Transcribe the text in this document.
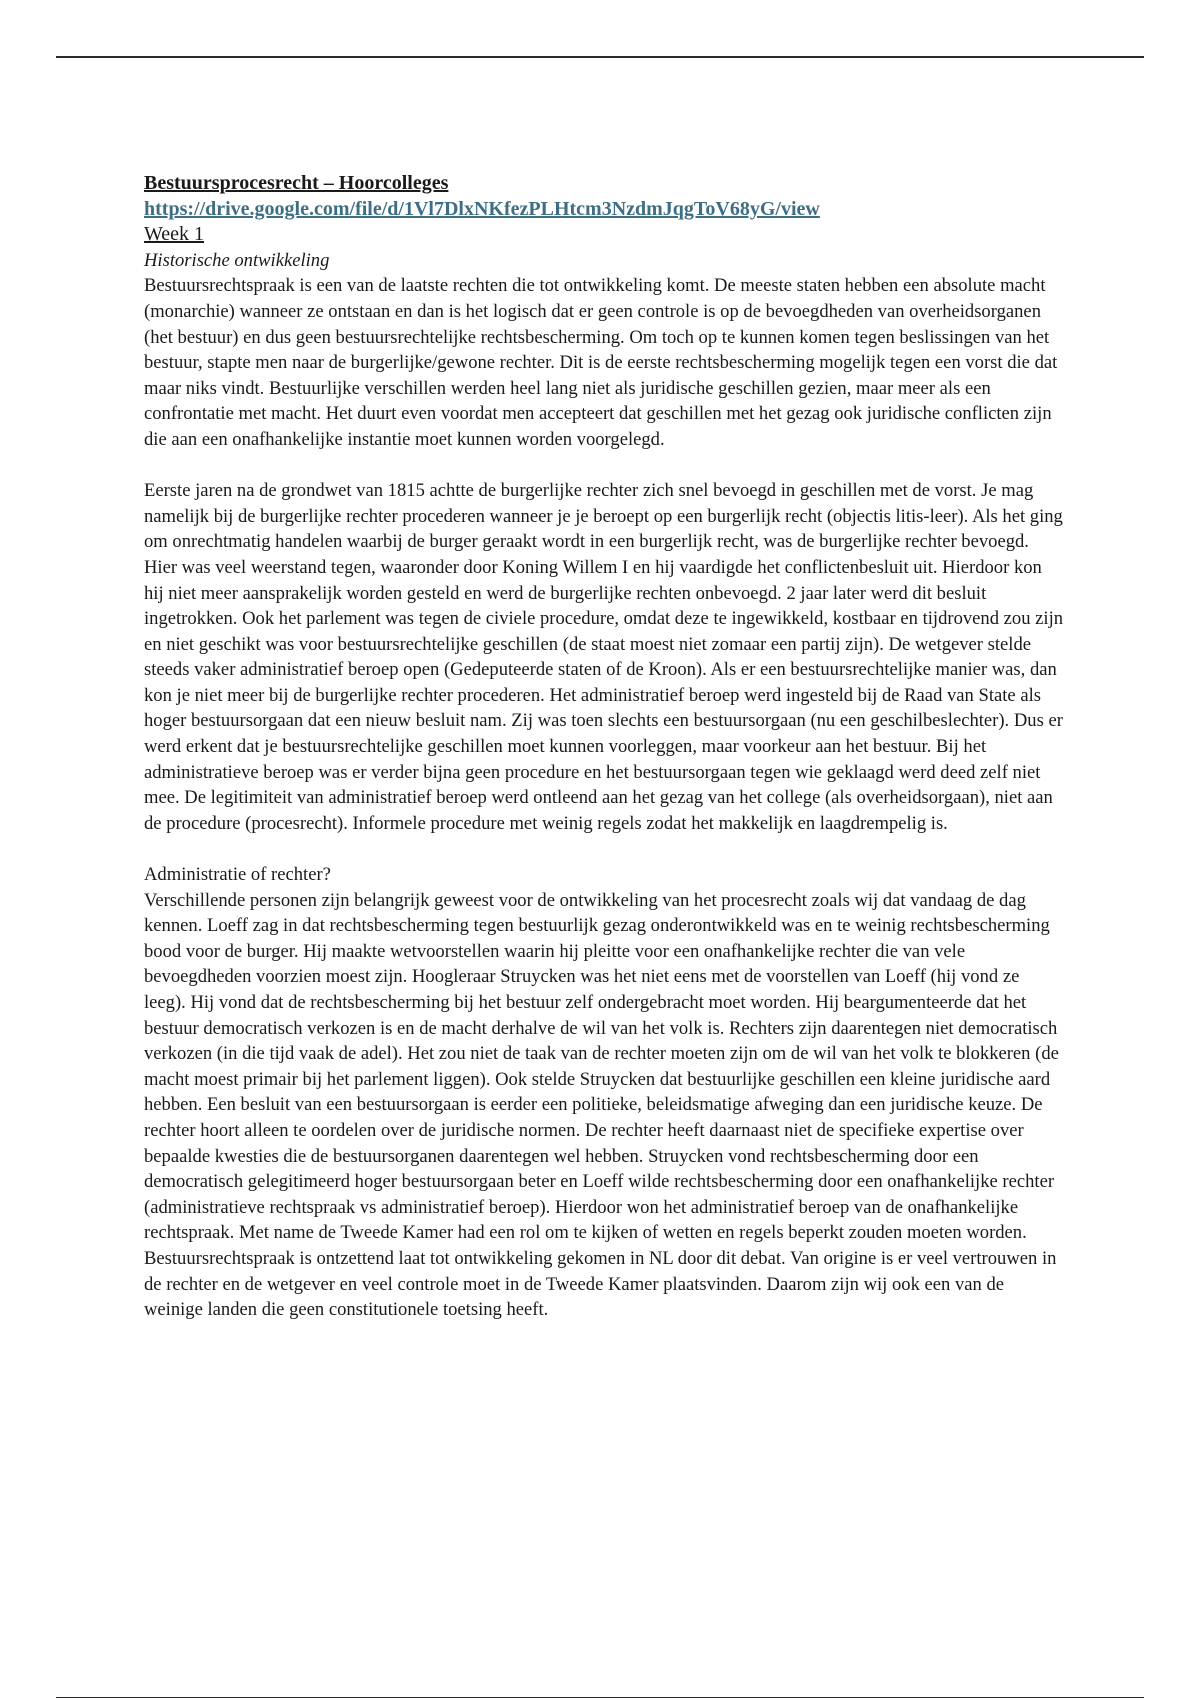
Bestuursprocesrecht – Hoorcolleges
https://drive.google.com/file/d/1Vl7DlxNKfezPLHtcm3NzdmJqgToV68yG/view
Week 1
Historische ontwikkeling

Bestuursrechtspraak is een van de laatste rechten die tot ontwikkeling komt. De meeste staten hebben een absolute macht (monarchie) wanneer ze ontstaan en dan is het logisch dat er geen controle is op de bevoegdheden van overheidsorganen (het bestuur) en dus geen bestuursrechtelijke rechtsbescherming. Om toch op te kunnen komen tegen beslissingen van het bestuur, stapte men naar de burgerlijke/gewone rechter. Dit is de eerste rechtsbescherming mogelijk tegen een vorst die dat maar niks vindt. Bestuurlijke verschillen werden heel lang niet als juridische geschillen gezien, maar meer als een confrontatie met macht. Het duurt even voordat men accepteert dat geschillen met het gezag ook juridische conflicten zijn die aan een onafhankelijke instantie moet kunnen worden voorgelegd.

Eerste jaren na de grondwet van 1815 achtte de burgerlijke rechter zich snel bevoegd in geschillen met de vorst. Je mag namelijk bij de burgerlijke rechter procederen wanneer je je beroept op een burgerlijk recht (objectis litis-leer). Als het ging om onrechtmatig handelen waarbij de burger geraakt wordt in een burgerlijk recht, was de burgerlijke rechter bevoegd. Hier was veel weerstand tegen, waaronder door Koning Willem I en hij vaardigde het conflictenbesluit uit. Hierdoor kon hij niet meer aansprakelijk worden gesteld en werd de burgerlijke rechten onbevoegd. 2 jaar later werd dit besluit ingetrokken. Ook het parlement was tegen de civiele procedure, omdat deze te ingewikkeld, kostbaar en tijdrovend zou zijn en niet geschikt was voor bestuursrechtelijke geschillen (de staat moest niet zomaar een partij zijn). De wetgever stelde steeds vaker administratief beroep open (Gedeputeerde staten of de Kroon). Als er een bestuursrechtelijke manier was, dan kon je niet meer bij de burgerlijke rechter procederen. Het administratief beroep werd ingesteld bij de Raad van State als hoger bestuursorgaan dat een nieuw besluit nam. Zij was toen slechts een bestuursorgaan (nu een geschilbeslechter). Dus er werd erkent dat je bestuursrechtelijke geschillen moet kunnen voorleggen, maar voorkeur aan het bestuur. Bij het administratieve beroep was er verder bijna geen procedure en het bestuursorgaan tegen wie geklaagd werd deed zelf niet mee. De legitimiteit van administratief beroep werd ontleend aan het gezag van het college (als overheidsorgaan), niet aan de procedure (procesrecht). Informele procedure met weinig regels zodat het makkelijk en laagdrempelig is.

Administratie of rechter?

Verschillende personen zijn belangrijk geweest voor de ontwikkeling van het procesrecht zoals wij dat vandaag de dag kennen. Loeff zag in dat rechtsbescherming tegen bestuurlijk gezag onderontwikkeld was en te weinig rechtsbescherming bood voor de burger. Hij maakte wetvoorstellen waarin hij pleitte voor een onafhankelijke rechter die van vele bevoegdheden voorzien moest zijn. Hoogleraar Struycken was het niet eens met de voorstellen van Loeff (hij vond ze leeg). Hij vond dat de rechtsbescherming bij het bestuur zelf ondergebracht moet worden. Hij beargumenteerde dat het bestuur democratisch verkozen is en de macht derhalve de wil van het volk is. Rechters zijn daarentegen niet democratisch verkozen (in die tijd vaak de adel). Het zou niet de taak van de rechter moeten zijn om de wil van het volk te blokkeren (de macht moest primair bij het parlement liggen). Ook stelde Struycken dat bestuurlijke geschillen een kleine juridische aard hebben. Een besluit van een bestuursorgaan is eerder een politieke, beleidsmatige afweging dan een juridische keuze. De rechter hoort alleen te oordelen over de juridische normen. De rechter heeft daarnaast niet de specifieke expertise over bepaalde kwesties die de bestuursorganen daarentegen wel hebben. Struycken vond rechtsbescherming door een democratisch gelegitimeerd hoger bestuursorgaan beter en Loeff wilde rechtsbescherming door een onafhankelijke rechter (administratieve rechtspraak vs administratief beroep). Hierdoor won het administratief beroep van de onafhankelijke rechtspraak. Met name de Tweede Kamer had een rol om te kijken of wetten en regels beperkt zouden moeten worden.

Bestuursrechtspraak is ontzettend laat tot ontwikkeling gekomen in NL door dit debat. Van origine is er veel vertrouwen in de rechter en de wetgever en veel controle moet in de Tweede Kamer plaatsvinden. Daarom zijn wij ook een van de weinige landen die geen constitutionele toetsing heeft.
